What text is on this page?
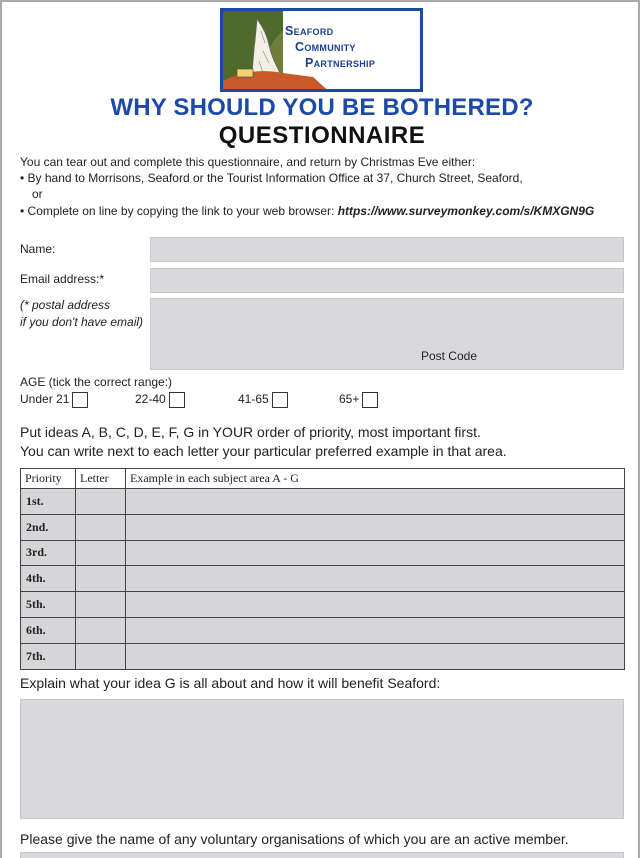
Seaford
Community
Partnership
WHY SHOULD YOU BE BOTHERED?
QUESTIONNAIRE
You can tear out and complete this questionnaire, and return by Christmas Eve either:
• By hand to Morrisons, Seaford or the Tourist Information Office at 37, Church Street, Seaford,
or
• Complete on line by copying the link to your web browser: https://www.surveymonkey.com/s/KMXGN9G
Name:
Email address:*
(* postal address
if you don't have email)
Post Code
AGE (tick the correct range:)
Under 21	22-40	41-65	65+
Put ideas A, B, C, D, E, F, G in YOUR order of priority, most important first.
You can write next to each letter your particular preferred example in that area.
Priority	Letter	Example in each subject area A - G
1st.		
2nd.		
3rd.		
4th.		
5th.		
6th.		
7th.		
Explain what your idea G is all about and how it will benefit Seaford:
Please give the name of any voluntary organisations of which you are an active member.
